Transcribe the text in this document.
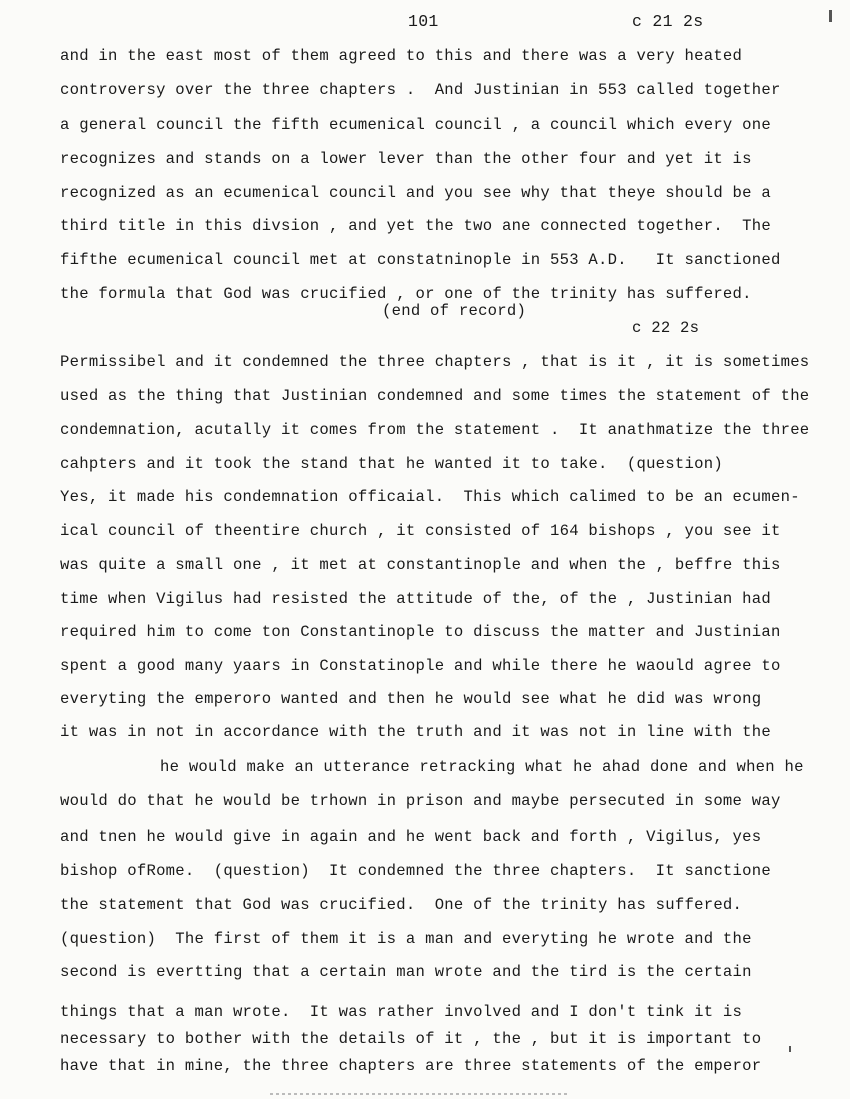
101	c 21 2s
and in the east most of them agreed to this and there was a very heated
controversy over the three chapters .  And Justinian in 553 called together
a general council the fifth ecumenical council , a council which every one
recognizes and stands on a lower lever than the other four and yet it is
recognized as an ecumenical council and you see why that theye should be a
third title in this divsion , and yet the two ane connected together.  The
fifthe ecumenical council met at constatninople in 553 A.D.   It sanctioned
the formula that God was crucified , or one of the trinity has suffered.
(end of record)
c 22 2s
Permissibel and it condemned the three chapters , that is it , it is sometimes
used as the thing that Justinian condemned and some times the statement of the
condemnation, acutally it comes from the statement .  It anathmatize the three
cahpters and it took the stand that he wanted it to take.  (question)
Yes, it made his condemnation officaial.  This which calimed to be an ecumen-
ical council of theentire church , it consisted of 164 bishops , you see it
was quite a small one , it met at constantinople and when the , beffre this
time when Vigilus had resisted the attitude of the, of the , Justinian had
required him to come ton Constantinople to discuss the matter and Justinian
spent a good many yaars in Constatinople and while there he waould agree to
everyting the emperoro wanted and then he would see what he did was wrong
it was in not in accordance with the truth and it was not in line with the
he would make an utterance retracking what he ahad done and when he
would do that he would be trhown in prison and maybe persecuted in some way
and tnen he would give in again and he went back and forth , Vigilus, yes
bishop ofRome.  (question)  It condemned the three chapters.  It sanctione
the statement that God was crucified.  One of the trinity has suffered.
(question)  The first of them it is a man and everyting he wrote and the
second is evertting that a certain man wrote and the tird is the certain
things that a man wrote.  It was rather involved and I don't tink it is
necessary to bother with the details of it , the , but it is important to
have that in mine, the three chapters are three statements of the emperor
